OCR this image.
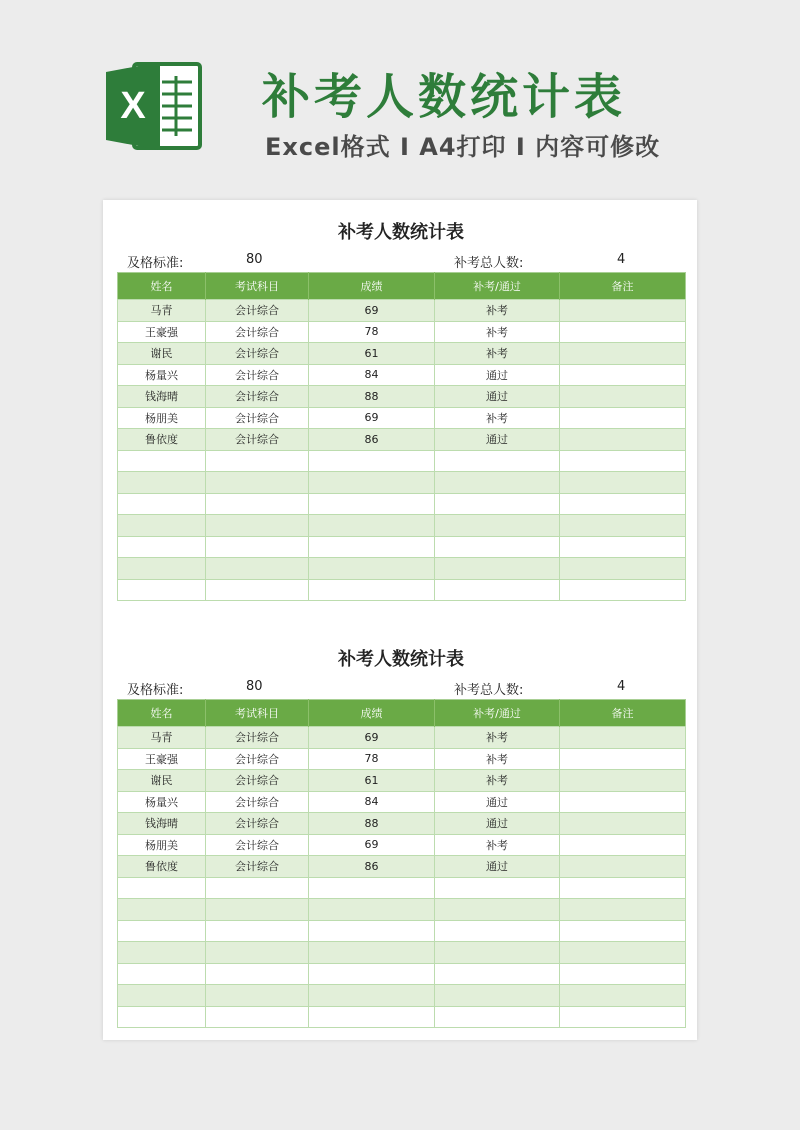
X 补考人数统计表
Excel格式 I A4打印 I 内容可修改
补考人数统计表
及格标准:	80	补考总人数:	4
姓名	考试科目	成绩	补考/通过	备注
马青	会计综合	69	补考	
王豪强	会计综合	78	补考	
谢民	会计综合	61	补考	
杨量兴	会计综合	84	通过	
钱海晴	会计综合	88	通过	
杨朋美	会计综合	69	补考	
鲁依度	会计综合	86	通过	

补考人数统计表
及格标准:	80	补考总人数:	4
姓名	考试科目	成绩	补考/通过	备注
马青	会计综合	69	补考	
王豪强	会计综合	78	补考	
谢民	会计综合	61	补考	
杨量兴	会计综合	84	通过	
钱海晴	会计综合	88	通过	
杨朋美	会计综合	69	补考	
鲁依度	会计综合	86	通过	
